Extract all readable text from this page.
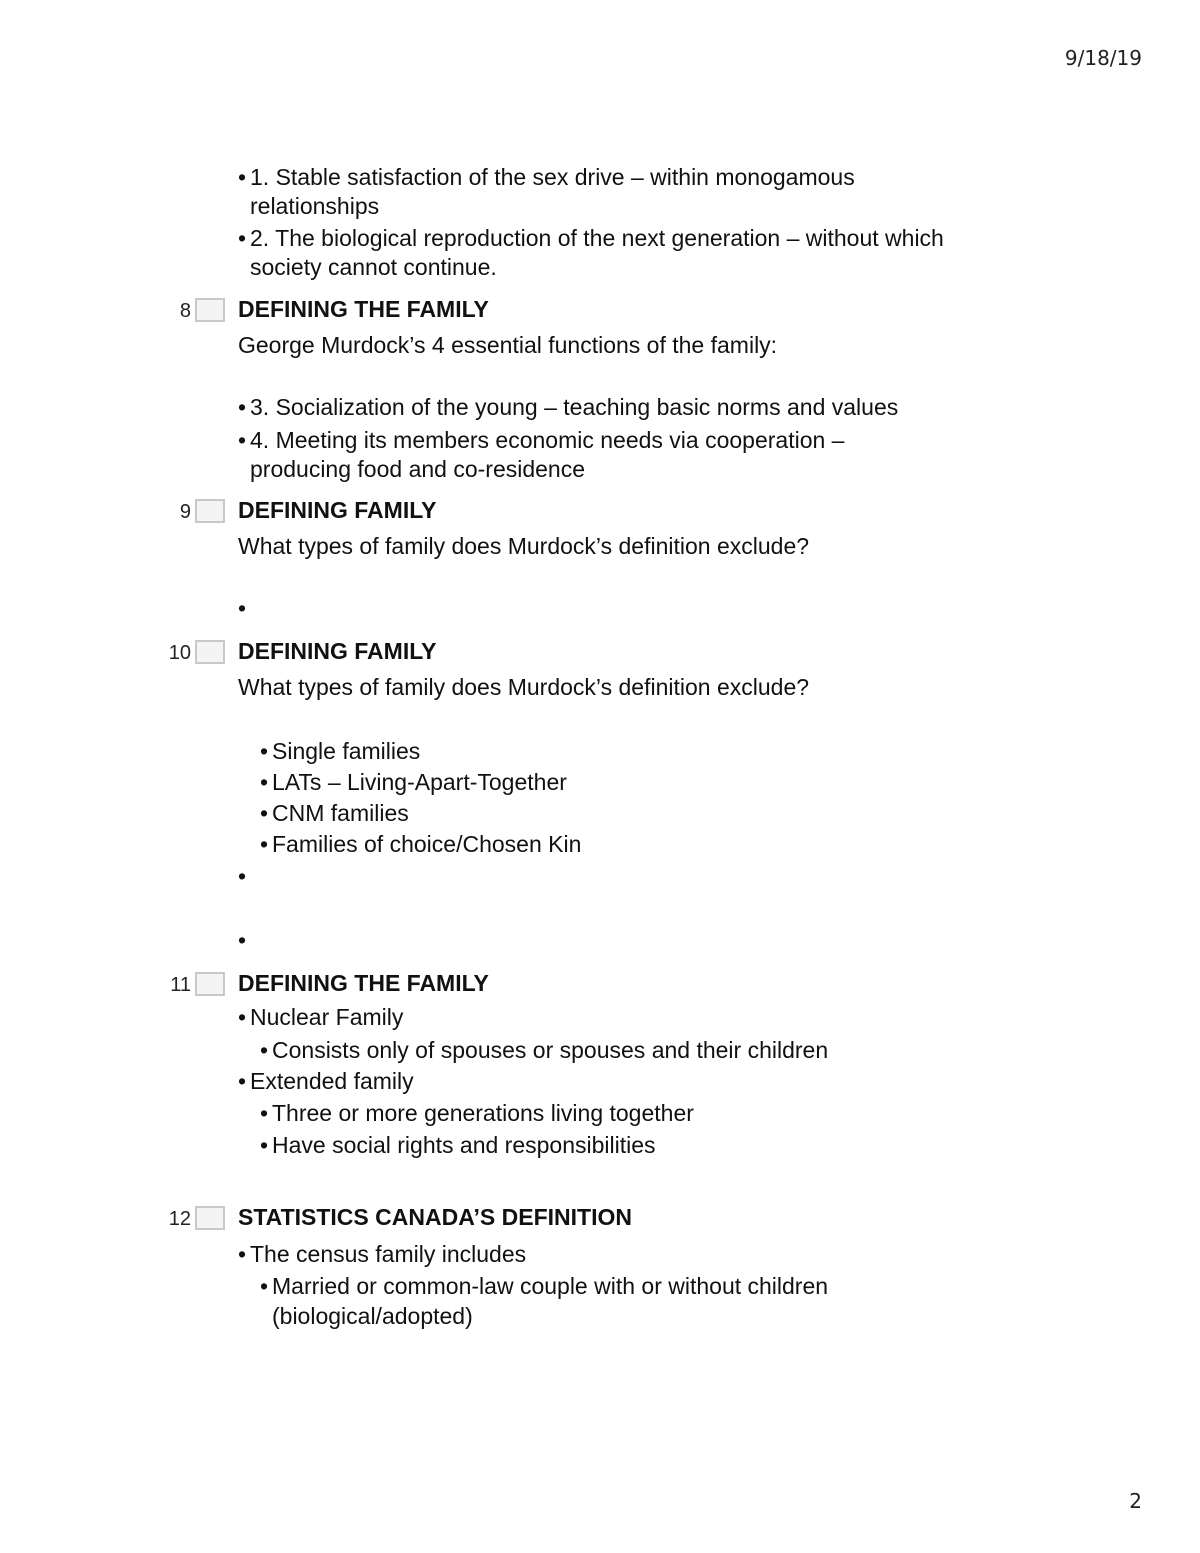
9/18/19
• 1. Stable satisfaction of the sex drive – within monogamous
relationships
• 2. The biological reproduction of the next generation – without which
society cannot continue.
8 DEFINING THE FAMILY
George Murdock’s 4 essential functions of the family:
• 3. Socialization of the young – teaching basic norms and values
• 4. Meeting its members economic needs via cooperation –
producing food and co-residence
9 DEFINING FAMILY
What types of family does Murdock’s definition exclude?
•
10 DEFINING FAMILY
What types of family does Murdock’s definition exclude?
• Single families
• LATs – Living-Apart-Together
• CNM families
• Families of choice/Chosen Kin
•
•
11 DEFINING THE FAMILY
• Nuclear Family
• Consists only of spouses or spouses and their children
• Extended family
• Three or more generations living together
• Have social rights and responsibilities
12 STATISTICS CANADA’S DEFINITION
• The census family includes
• Married or common-law couple with or without children
(biological/adopted)
2
